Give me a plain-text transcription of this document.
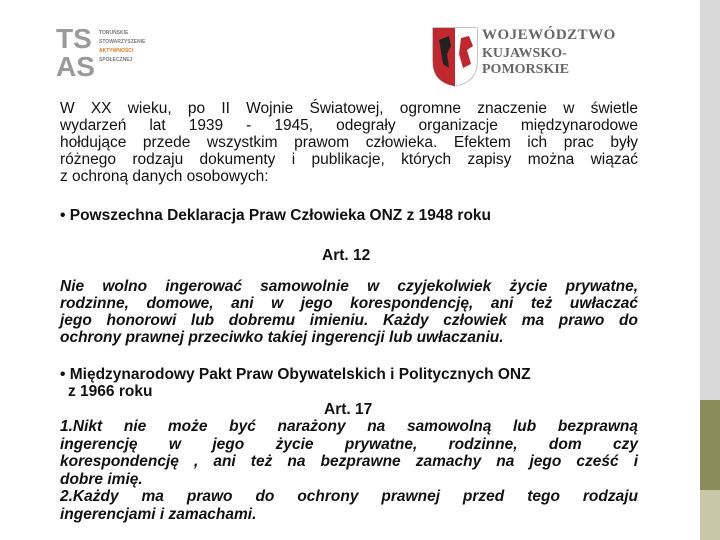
TS
AS
TORUŃSKIE
STOWARZYSZENIE
AKTYWNOŚCI
SPOŁECZNEJ
WOJEWÓDZTWO
KUJAWSKO-POMORSKIE
W XX wieku, po II Wojnie Światowej, ogromne znaczenie w świetle
wydarzeń lat 1939 - 1945, odegrały organizacje międzynarodowe
hołdujące przede wszystkim prawom człowieka. Efektem ich prac były
różnego rodzaju dokumenty i publikacje, których zapisy można wiązać
z ochroną danych osobowych:
• Powszechna Deklaracja Praw Człowieka ONZ z 1948 roku
Art. 12
Nie wolno ingerować samowolnie w czyjekolwiek życie prywatne,
rodzinne, domowe, ani w jego korespondencję, ani też uwłaczać
jego honorowi lub dobremu imieniu. Każdy człowiek ma prawo do
ochrony prawnej przeciwko takiej ingerencji lub uwłaczaniu.
• Międzynarodowy Pakt Praw Obywatelskich i Politycznych ONZ
z 1966 roku
Art. 17
1.Nikt nie może być narażony na samowolną lub bezprawną
ingerencję w jego życie prywatne, rodzinne, dom czy
korespondencję , ani też na bezprawne zamachy na jego cześć i
dobre imię.
2.Każdy ma prawo do ochrony prawnej przed tego rodzaju
ingerencjami i zamachami.
